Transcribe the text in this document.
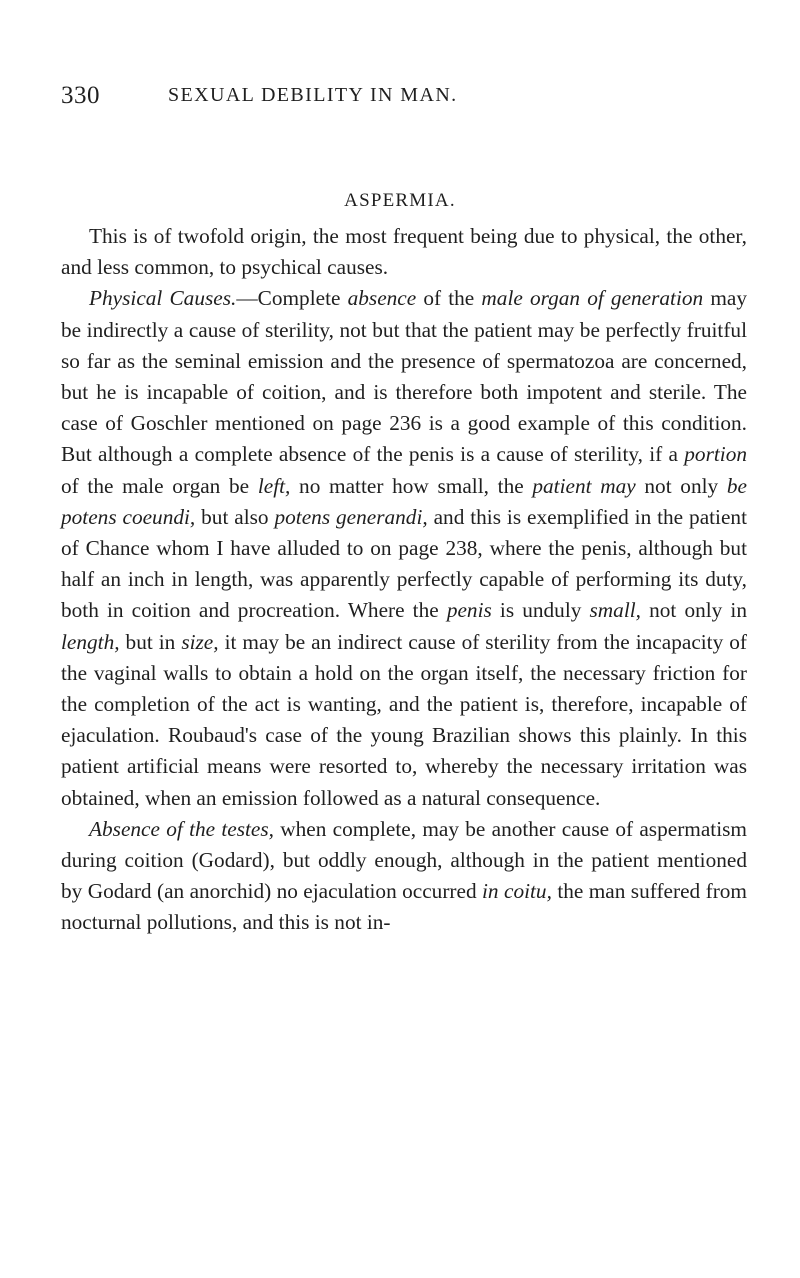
330	SEXUAL DEBILITY IN MAN.
ASPERMIA.

This is of twofold origin, the most frequent being due to physical, the other, and less common, to psychical causes.

Physical Causes.—Complete absence of the male organ of generation may be indirectly a cause of sterility, not but that the patient may be perfectly fruitful so far as the seminal emission and the presence of spermatozoa are concerned, but he is incapable of coition, and is therefore both impotent and sterile. The case of Goschler mentioned on page 236 is a good example of this condition. But although a complete absence of the penis is a cause of sterility, if a portion of the male organ be left, no matter how small, the patient may not only be potens coeundi, but also potens generandi, and this is exemplified in the patient of Chance whom I have alluded to on page 238, where the penis, although but half an inch in length, was apparently perfectly capable of performing its duty, both in coition and procreation. Where the penis is unduly small, not only in length, but in size, it may be an indirect cause of sterility from the incapacity of the vaginal walls to obtain a hold on the organ itself, the necessary friction for the completion of the act is wanting, and the patient is, therefore, incapable of ejaculation. Roubaud's case of the young Brazilian shows this plainly. In this patient artificial means were resorted to, whereby the necessary irritation was obtained, when an emission followed as a natural consequence.

Absence of the testes, when complete, may be another cause of aspermatism during coition (Godard), but oddly enough, although in the patient mentioned by Godard (an anorchid) no ejaculation occurred in coitu, the man suffered from nocturnal pollutions, and this is not in-
